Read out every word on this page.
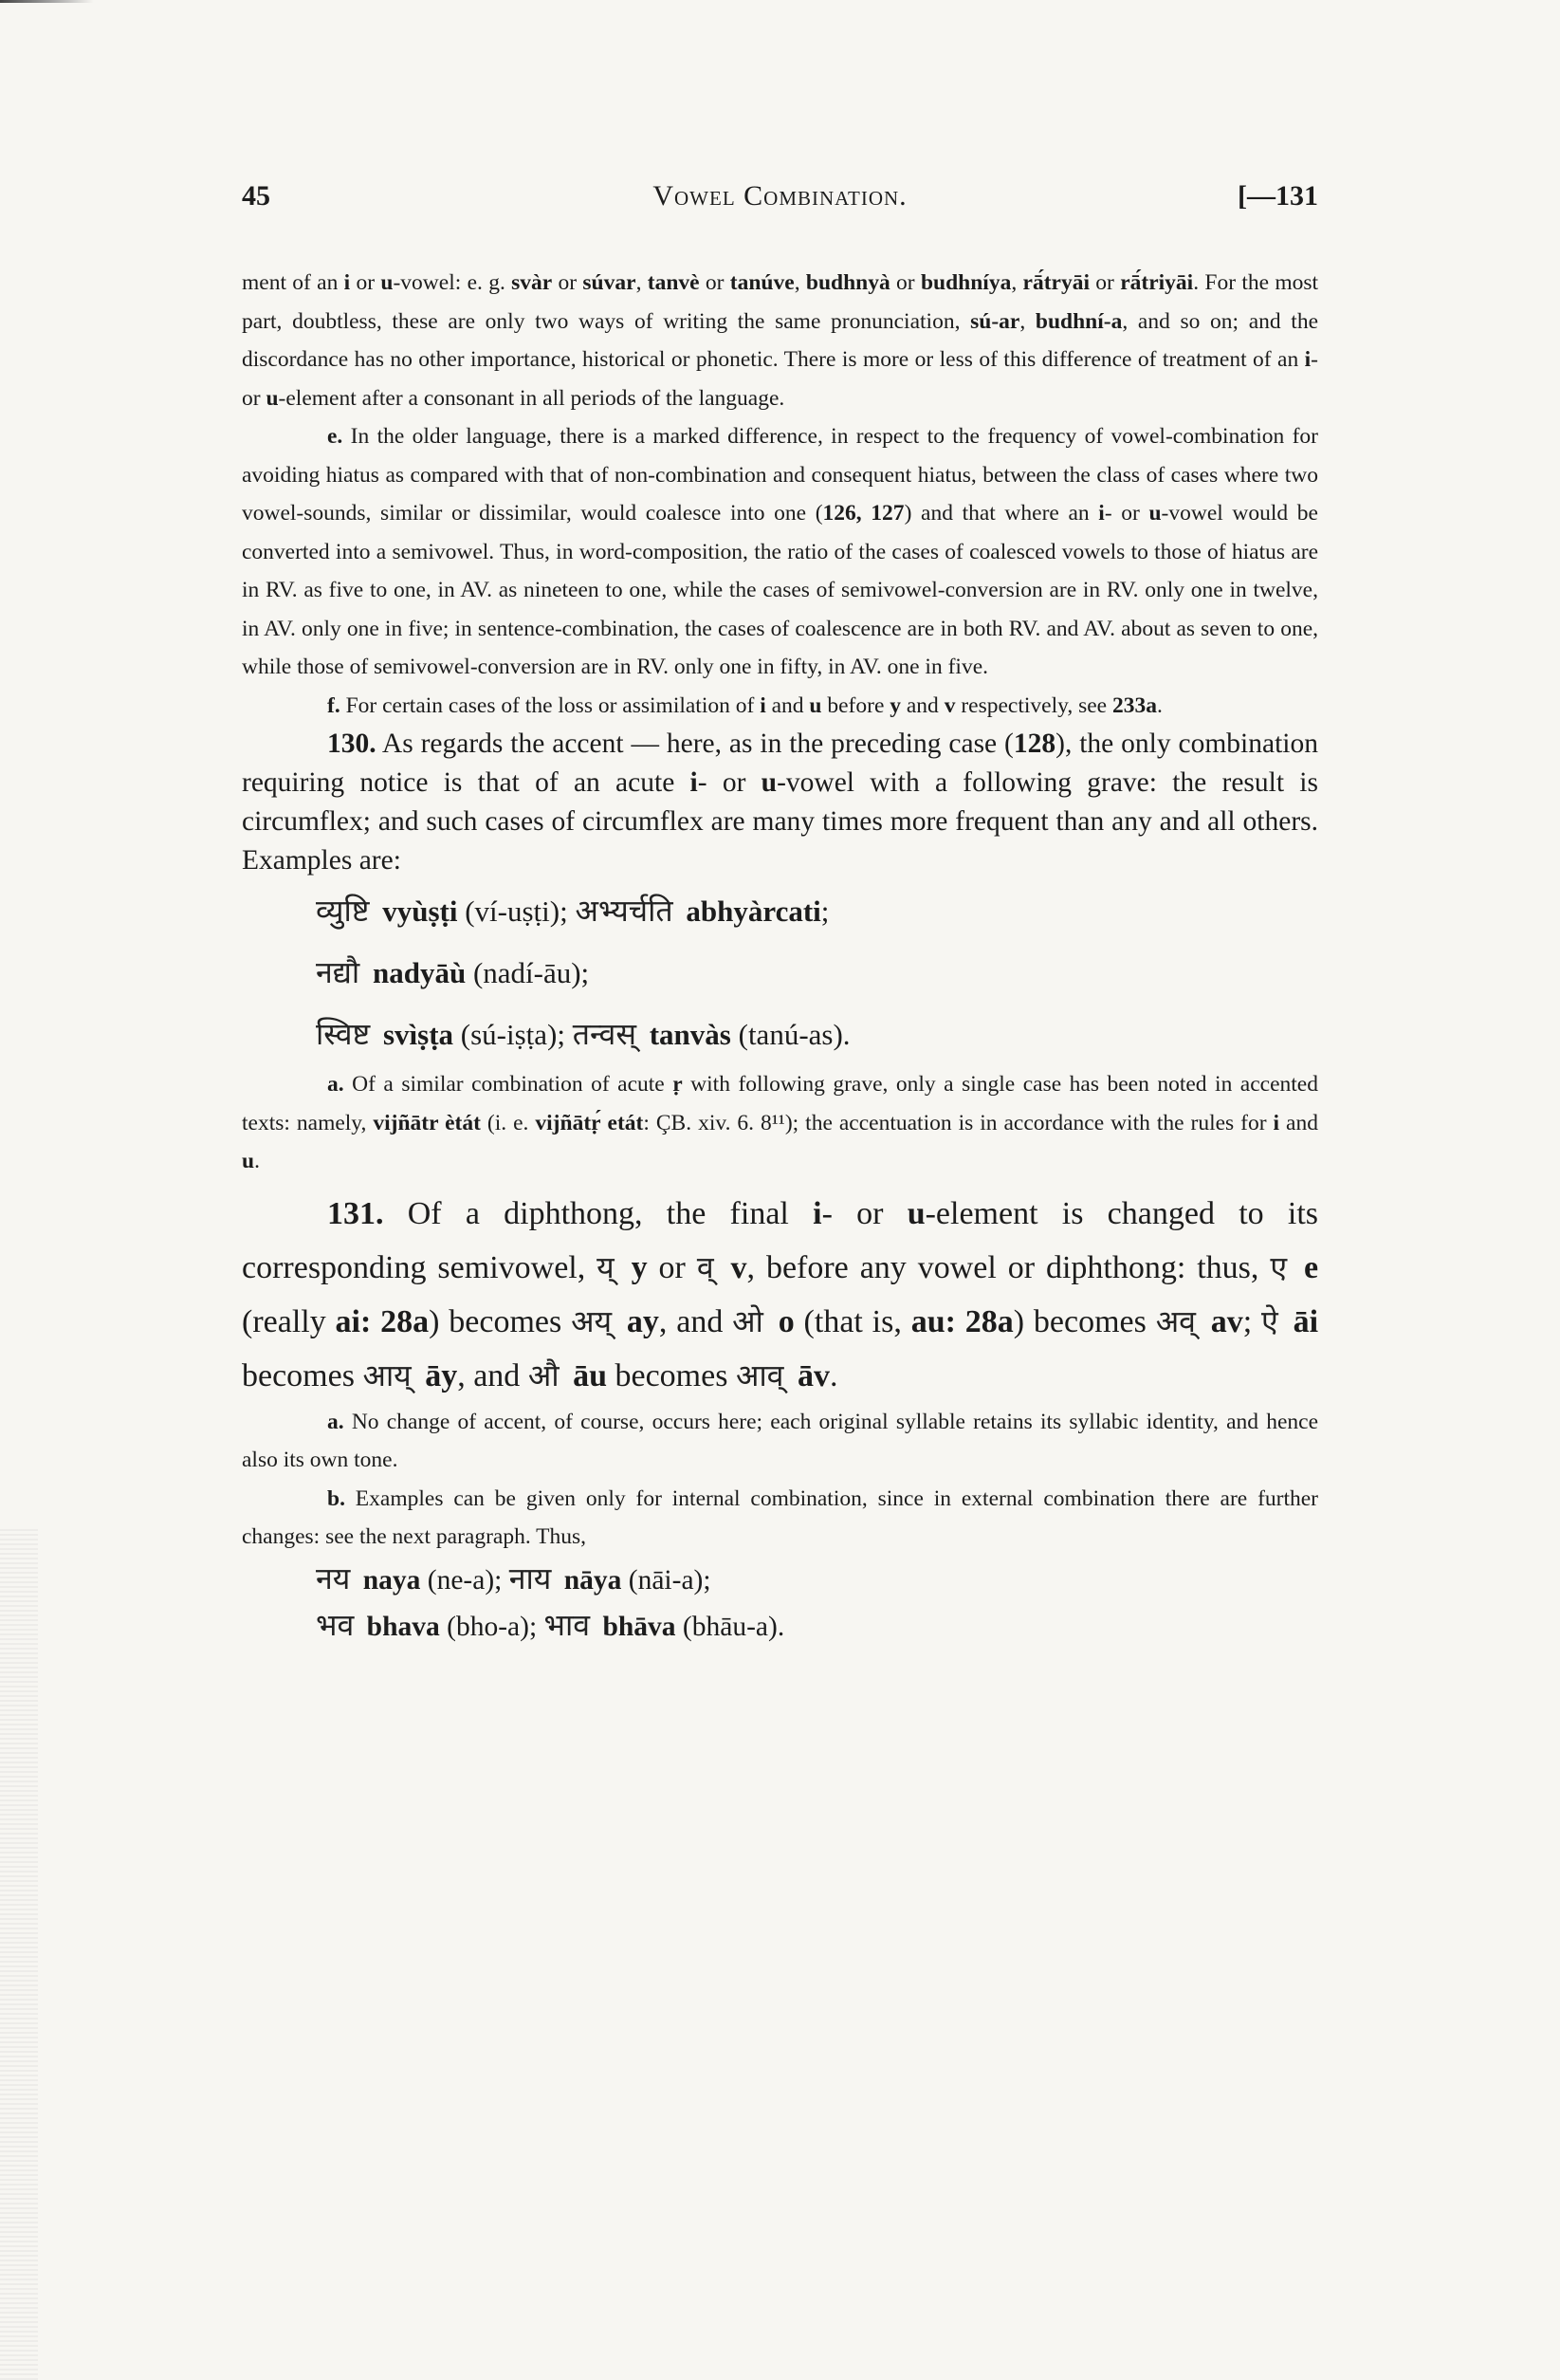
45	Vowel Combination.	[—131

ment of an i or u-vowel: e. g. svàr or súvar, tanvè or tanúve, budhnyà or budhníya, rā́tryāi or rā́triyāi. For the most part, doubtless, these are only two ways of writing the same pronunciation, sú-ar, budhní-a, and so on; and the discordance has no other importance, historical or phonetic. There is more or less of this difference of treatment of an i- or u-element after a consonant in all periods of the language.

e. In the older language, there is a marked difference, in respect to the frequency of vowel-combination for avoiding hiatus as compared with that of non-combination and consequent hiatus, between the class of cases where two vowel-sounds, similar or dissimilar, would coalesce into one (126, 127) and that where an i- or u-vowel would be converted into a semivowel. Thus, in word-composition, the ratio of the cases of coalesced vowels to those of hiatus are in RV. as five to one, in AV. as nineteen to one, while the cases of semivowel-conversion are in RV. only one in twelve, in AV. only one in five; in sentence-combination, the cases of coalescence are in both RV. and AV. about as seven to one, while those of semivowel-conversion are in RV. only one in fifty, in AV. one in five.

f. For certain cases of the loss or assimilation of i and u before y and v respectively, see 233a.

130. As regards the accent — here, as in the preceding case (128), the only combination requiring notice is that of an acute i- or u-vowel with a following grave: the result is circumflex; and such cases of circumflex are many times more frequent than any and all others. Examples are:

व्युष्टि vyùṣṭi (ví-uṣṭi); अभ्यर्चति abhyàrcati;
नद्यौ nadyāù (nadí-āu);
स्विष्ट svìṣṭa (sú-iṣṭa); तन्वस् tanvàs (tanú-as).

a. Of a similar combination of acute ṛ with following grave, only a single case has been noted in accented texts: namely, vijñātr ètát (i. e. vijñātṛ́ etát: ÇB. xiv. 6. 8¹¹); the accentuation is in accordance with the rules for i and u.

131. Of a diphthong, the final i- or u-element is changed to its corresponding semivowel, य् y or व् v, before any vowel or diphthong: thus, ए e (really ai: 28a) becomes अय् ay, and ओ o (that is, au: 28a) becomes अव् av; ऐ āi becomes आय् āy, and औ āu becomes आव् āv.

a. No change of accent, of course, occurs here; each original syllable retains its syllabic identity, and hence also its own tone.

b. Examples can be given only for internal combination, since in external combination there are further changes: see the next paragraph. Thus,

नय naya (ne-a); नाय nāya (nāi-a);
भव bhava (bho-a); भाव bhāva (bhāu-a).
